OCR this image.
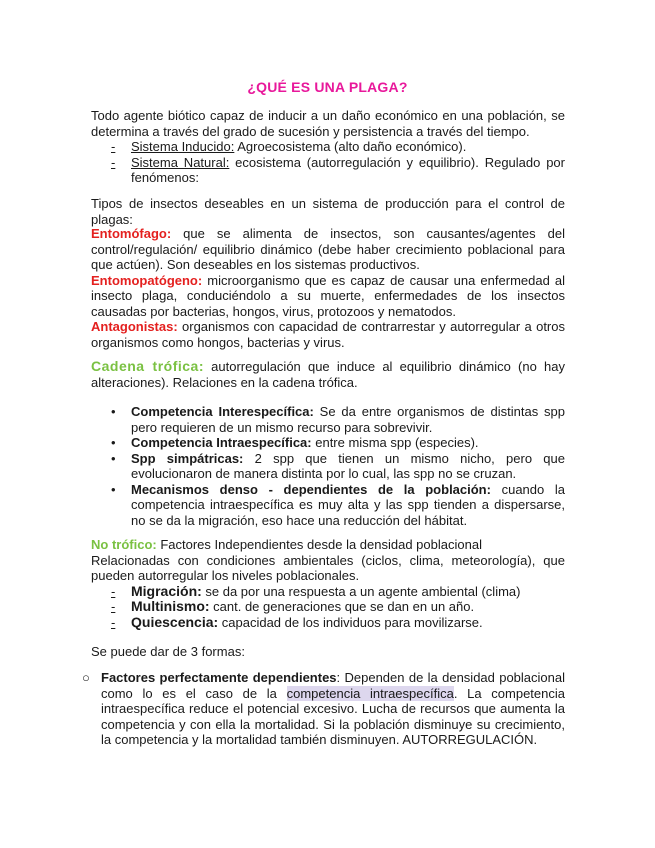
¿QUÉ ES UNA PLAGA?

Todo agente biótico capaz de inducir a un daño económico en una población, se determina a través del grado de sucesión y persistencia a través del tiempo.

- Sistema Inducido: Agroecosistema (alto daño económico).
- Sistema Natural: ecosistema (autorregulación y equilibrio). Regulado por fenómenos:
Tipos de insectos deseables en un sistema de producción para el control de plagas:

Entomófago: que se alimenta de insectos, son causantes/agentes del control/regulación/ equilibrio dinámico (debe haber crecimiento poblacional para que actúen). Son deseables en los sistemas productivos.

Entomopatógeno: microorganismo que es capaz de causar una enfermedad al insecto plaga, conduciéndolo a su muerte, enfermedades de los insectos causadas por bacterias, hongos, virus, protozoos y nematodos.

Antagonistas: organismos con capacidad de contrarrestar y autorregular a otros organismos como hongos, bacterias y virus.

Cadena trófica: autorregulación que induce al equilibrio dinámico (no hay alteraciones). Relaciones en la cadena trófica.

• Competencia Interespecífica: Se da entre organismos de distintas spp pero requieren de un mismo recurso para sobrevivir.
• Competencia Intraespecífica: entre misma spp (especies).
• Spp simpátricas: 2 spp que tienen un mismo nicho, pero que evolucionaron de manera distinta por lo cual, las spp no se cruzan.
• Mecanismos denso - dependientes de la población: cuando la competencia intraespecífica es muy alta y las spp tienden a dispersarse, no se da la migración, eso hace una reducción del hábitat.

No trófico: Factores Independientes desde la densidad poblacional

Relacionadas con condiciones ambientales (ciclos, clima, meteorología), que pueden autorregular los niveles poblacionales.

- Migración: se da por una respuesta a un agente ambiental (clima)
- Multinismo: cant. de generaciones que se dan en un año.
- Quiescencia: capacidad de los individuos para movilizarse.
Se puede dar de 3 formas:
○ Factores perfectamente dependientes: Dependen de la densidad poblacional como lo es el caso de la competencia intraespecífica. La competencia intraespecífica reduce el potencial excesivo. Lucha de recursos que aumenta la competencia y con ella la mortalidad. Si la población disminuye su crecimiento, la competencia y la mortalidad también disminuyen. AUTORREGULACIÓN.
